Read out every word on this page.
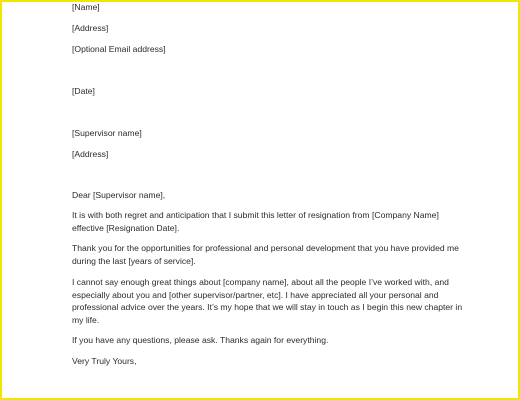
[Name]
[Address]
[Optional Email address]
[Date]
[Supervisor name]
[Address]
Dear [Supervisor name],
It is with both regret and anticipation that I submit this letter of resignation from [Company Name]
effective [Resignation Date].
Thank you for the opportunities for professional and personal development that you have provided me
during the last [years of service].
I cannot say enough great things about [company name], about all the people I’ve worked with, and
especially about you and [other supervisor/partner, etc]. I have appreciated all your personal and
professional advice over the years. It’s my hope that we will stay in touch as I begin this new chapter in
my life.
If you have any questions, please ask. Thanks again for everything.
Very Truly Yours,
